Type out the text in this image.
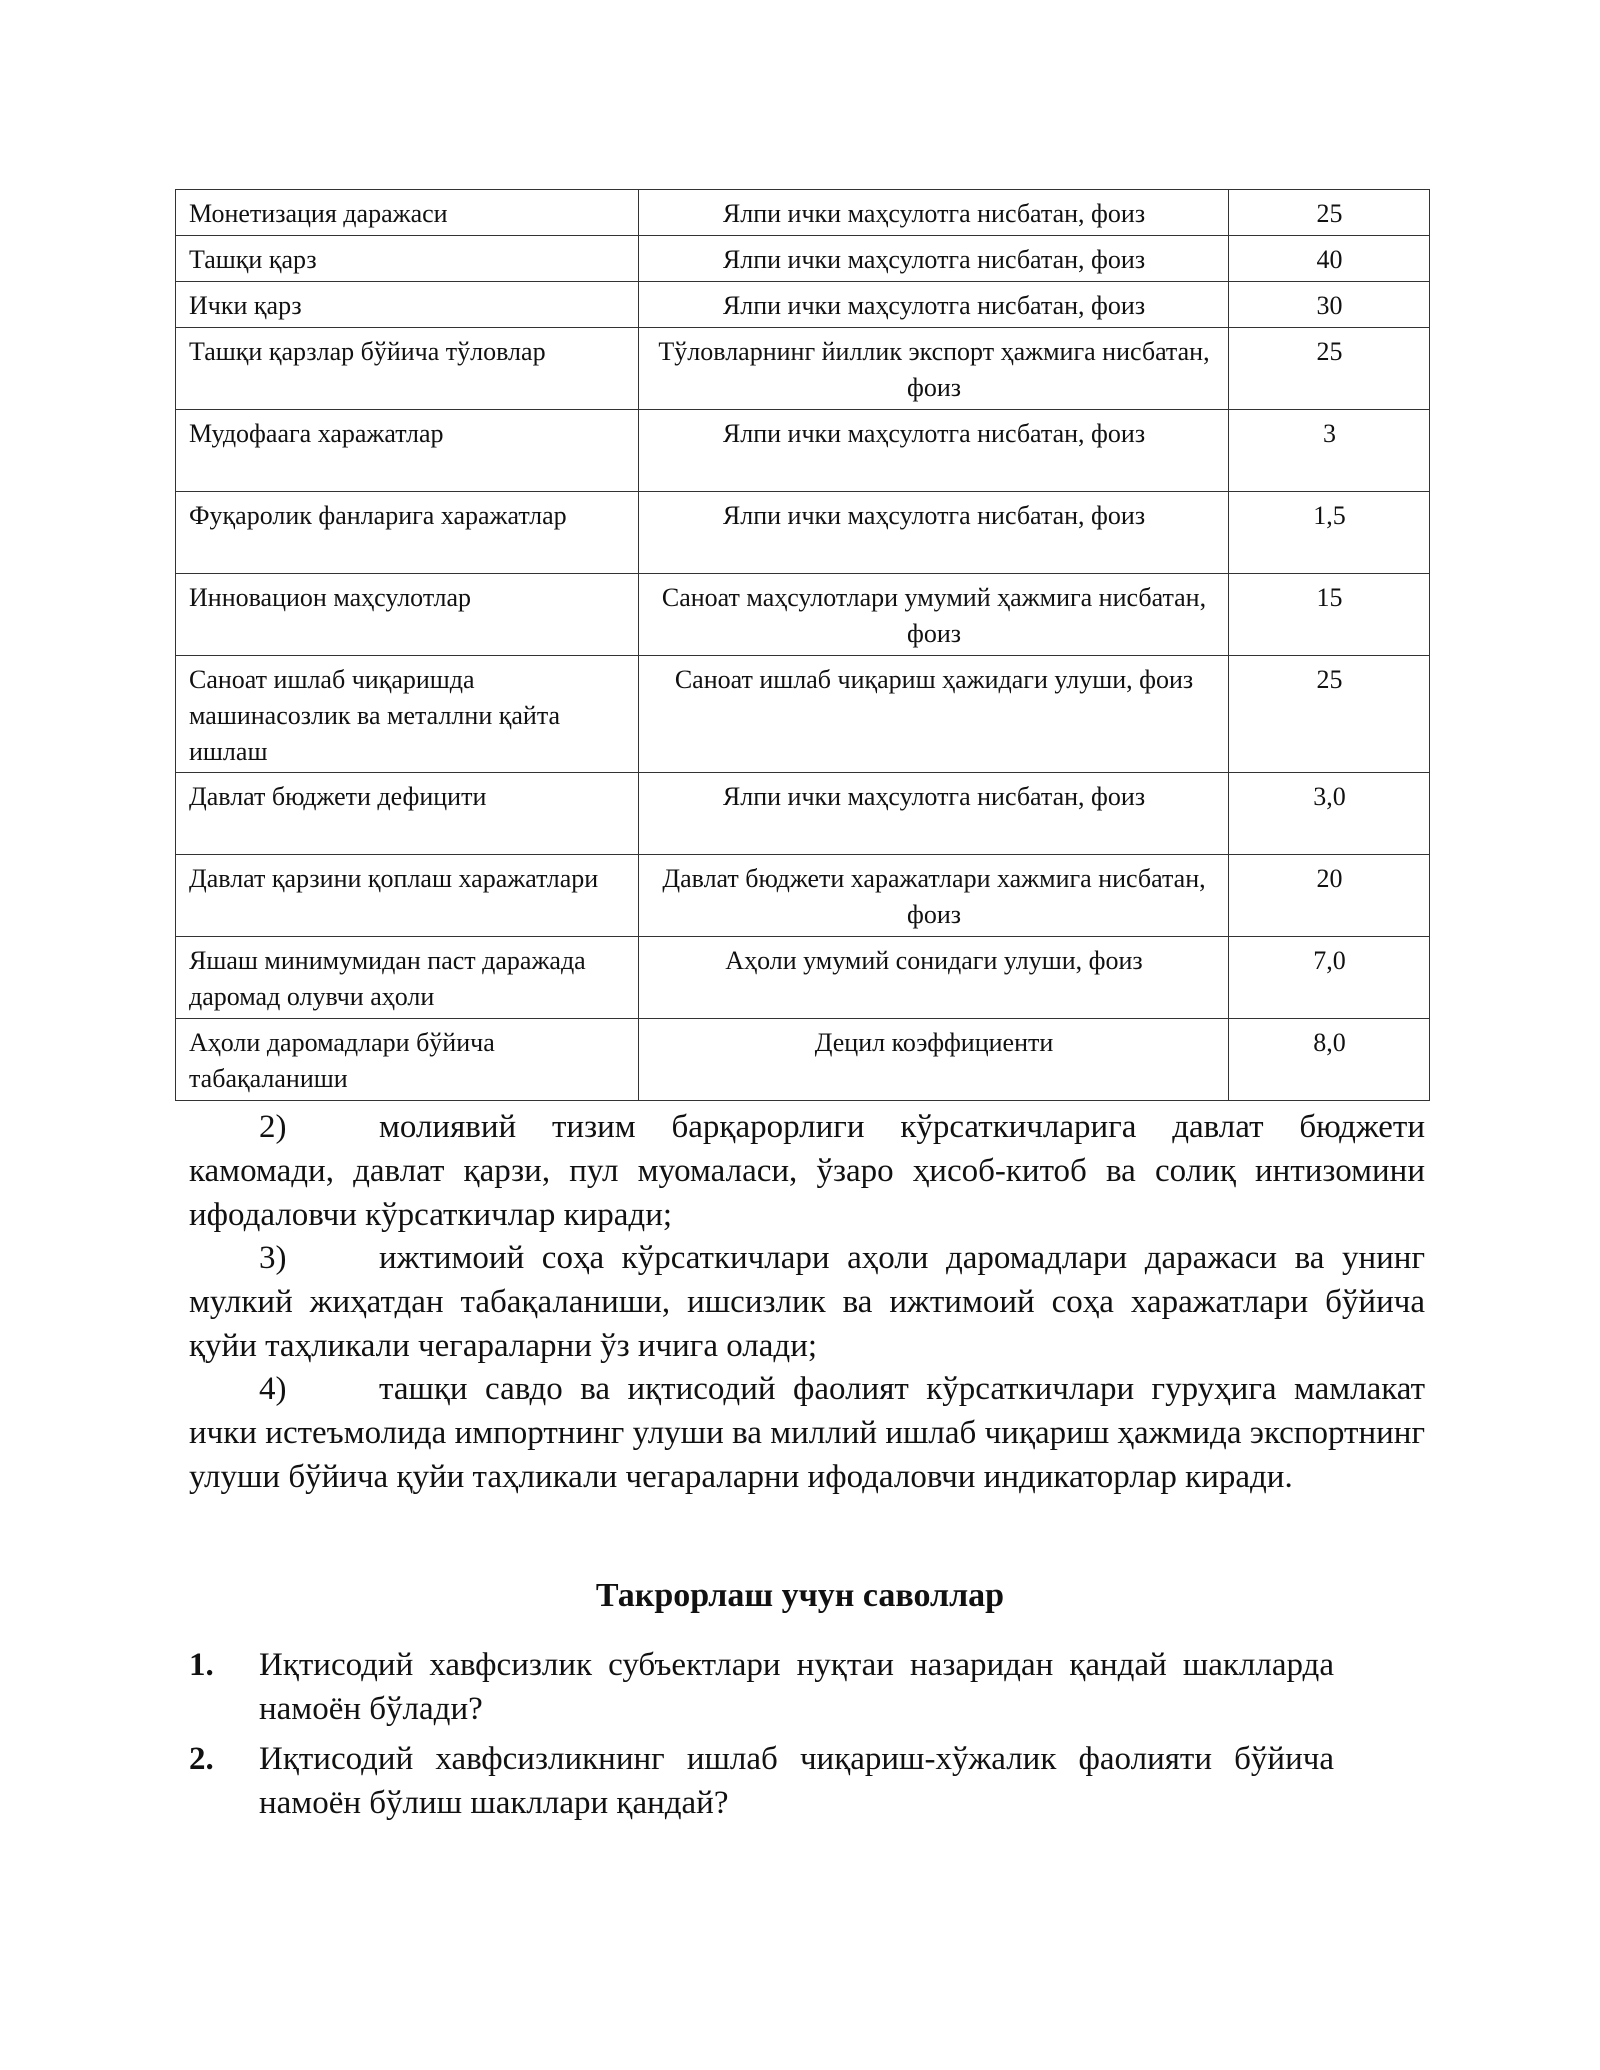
Монетизация даражаси	Ялпи ички маҳсулотга нисбатан, фоиз	25
Ташқи қарз	Ялпи ички маҳсулотга нисбатан, фоиз	40
Ички қарз	Ялпи ички маҳсулотга нисбатан, фоиз	30
Ташқи қарзлар бўйича тўловлар	Тўловларнинг йиллик экспорт ҳажмига нисбатан, фоиз	25
Мудофаага харажатлар	Ялпи ички маҳсулотга нисбатан, фоиз	3
Фуқаролик фанларига харажатлар	Ялпи ички маҳсулотга нисбатан, фоиз	1,5
Инновацион маҳсулотлар	Саноат маҳсулотлари умумий ҳажмига нисбатан, фоиз	15
Саноат ишлаб чиқаришда машинасозлик ва металлни қайта ишлаш	Саноат ишлаб чиқариш ҳажидаги улуши, фоиз	25
Давлат бюджети дефицити	Ялпи ички маҳсулотга нисбатан, фоиз	3,0
Давлат қарзини қоплаш харажатлари	Давлат бюджети харажатлари хажмига нисбатан, фоиз	20
Яшаш минимумидан паст даражада даромад олувчи аҳоли	Аҳоли умумий сонидаги улуши, фоиз	7,0
Аҳоли даромадлари бўйича табақаланиши	Децил коэффициенти	8,0
2)	молиявий тизим барқарорлиги кўрсаткичларига давлат бюджети камомади, давлат қарзи, пул муомаласи, ўзаро ҳисоб-китоб ва солиқ интизомини ифодаловчи кўрсаткичлар киради;
3)	ижтимоий соҳа кўрсаткичлари аҳоли даромадлари даражаси ва унинг мулкий жиҳатдан табақаланиши, ишсизлик ва ижтимоий соҳа харажатлари бўйича қуйи таҳликали чегараларни ўз ичига олади;
4)	ташқи савдо ва иқтисодий фаолият кўрсаткичлари гуруҳига мамлакат ички истеъмолида импортнинг улуши ва миллий ишлаб чиқариш ҳажмида экспортнинг улуши бўйича қуйи таҳликали чегараларни ифодаловчи индикаторлар киради.
Такрорлаш учун саволлар
1. Иқтисодий хавфсизлик субъектлари нуқтаи назаридан қандай шаклларда намоён бўлади?
2. Иқтисодий хавфсизликнинг ишлаб чиқариш-хўжалик фаолияти бўйича намоён бўлиш шакллари қандай?
